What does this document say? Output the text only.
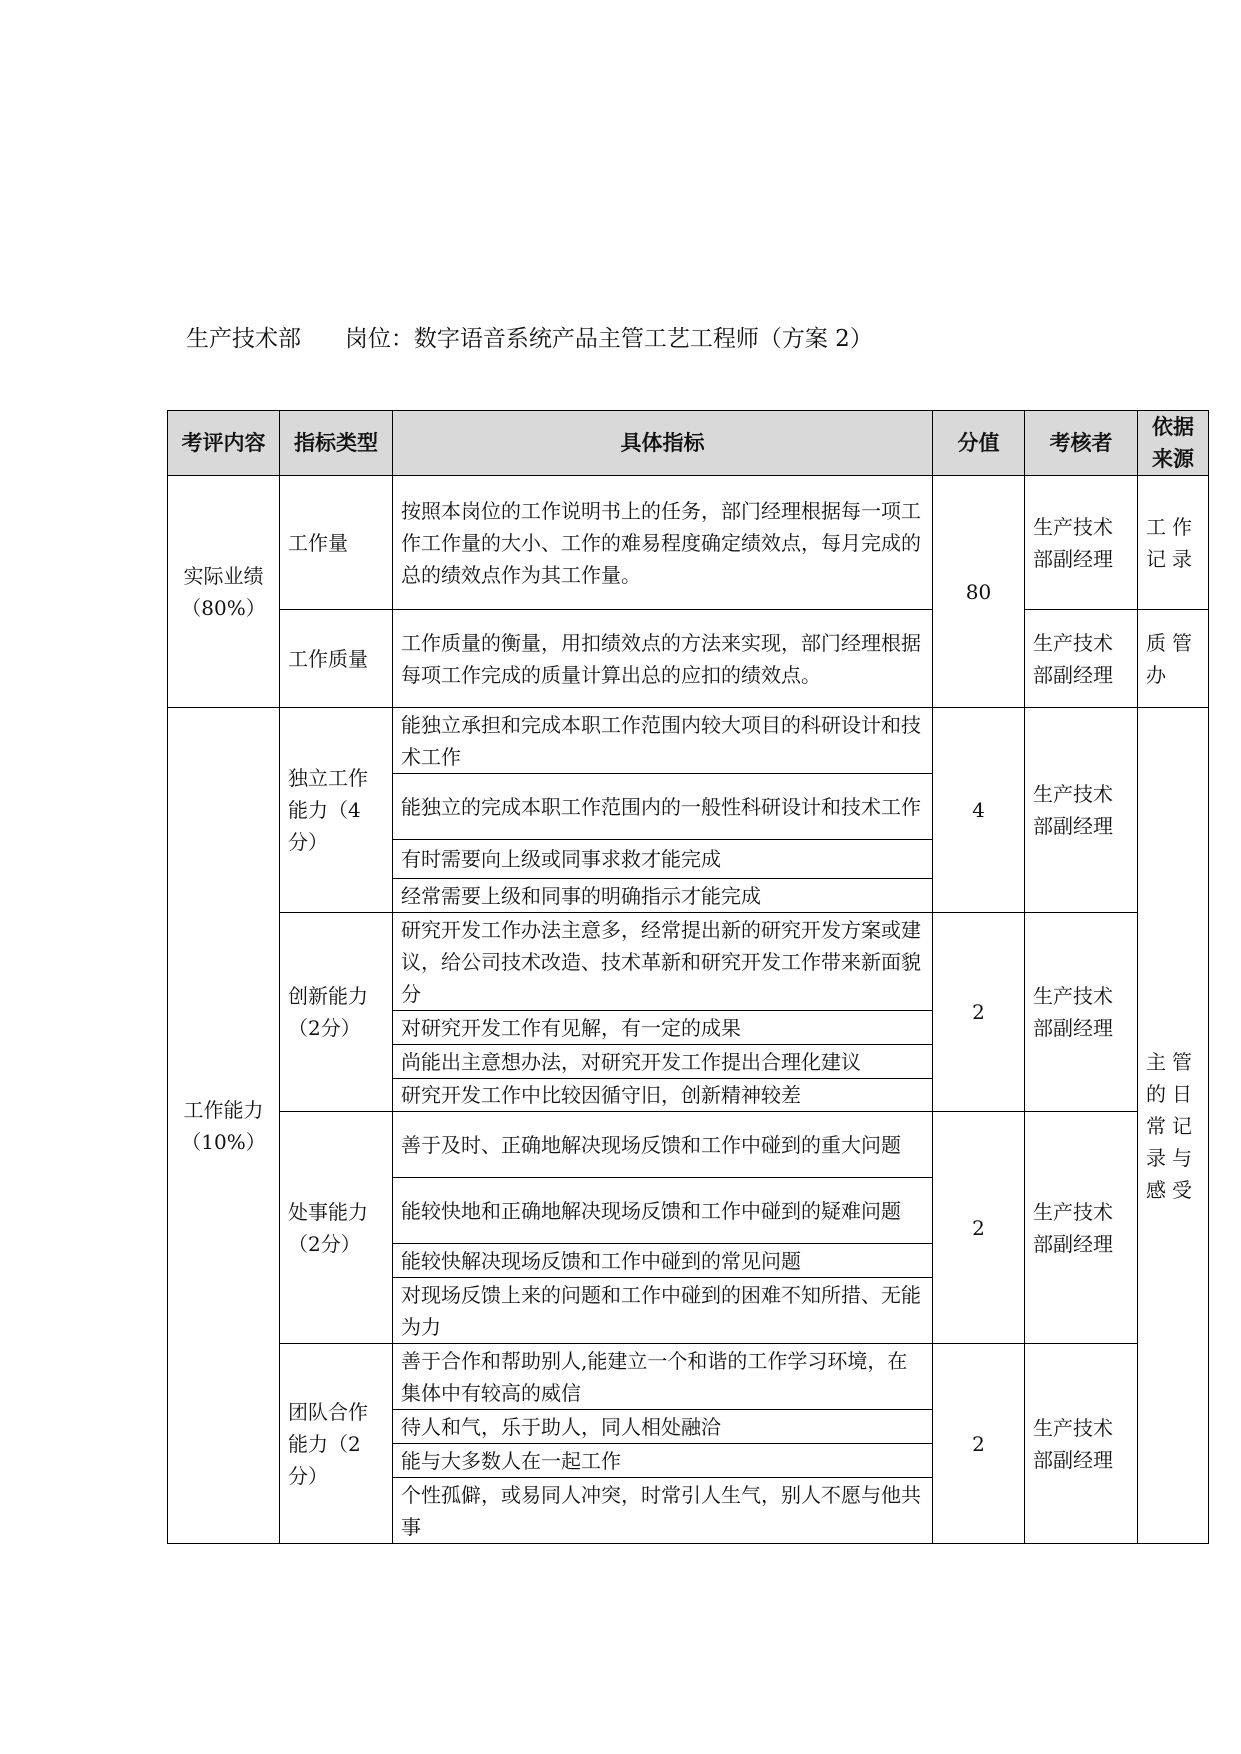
生产技术部 岗位：数字语音系统产品主管工艺工程师（方案 2）
考评内容	指标类型	具体指标	分值	考核者	依据来源
实际业绩（80%）	工作量	按照本岗位的工作说明书上的任务，部门经理根据每一项工作工作量的大小、工作的难易程度确定绩效点，每月完成的总的绩效点作为其工作量。	80	生产技术部副经理	工作记录
	工作质量	工作质量的衡量，用扣绩效点的方法来实现，部门经理根据每项工作完成的质量计算出总的应扣的绩效点。		生产技术部副经理	质管办
工作能力（10%）	独立工作能力（4分）	能独立承担和完成本职工作范围内较大项目的科研设计和技术工作	4	生产技术部副经理	主管的日常记录与感受
		能独立的完成本职工作范围内的一般性科研设计和技术工作			
		有时需要向上级或同事求救才能完成			
		经常需要上级和同事的明确指示才能完成			
	创新能力（2分）	研究开发工作办法主意多，经常提出新的研究开发方案或建议，给公司技术改造、技术革新和研究开发工作带来新面貌分	2	生产技术部副经理	
		对研究开发工作有见解，有一定的成果			
		尚能出主意想办法，对研究开发工作提出合理化建议			
		研究开发工作中比较因循守旧，创新精神较差			
	处事能力（2分）	善于及时、正确地解决现场反馈和工作中碰到的重大问题	2	生产技术部副经理	
		能较快地和正确地解决现场反馈和工作中碰到的疑难问题			
		能较快解决现场反馈和工作中碰到的常见问题			
		对现场反馈上来的问题和工作中碰到的困难不知所措、无能为力			
	团队合作能力（2分）	善于合作和帮助别人,能建立一个和谐的工作学习环境，在集体中有较高的威信	2	生产技术部副经理	
		待人和气，乐于助人，同人相处融洽			
		能与大多数人在一起工作			
		个性孤僻，或易同人冲突，时常引人生气，别人不愿与他共事			
